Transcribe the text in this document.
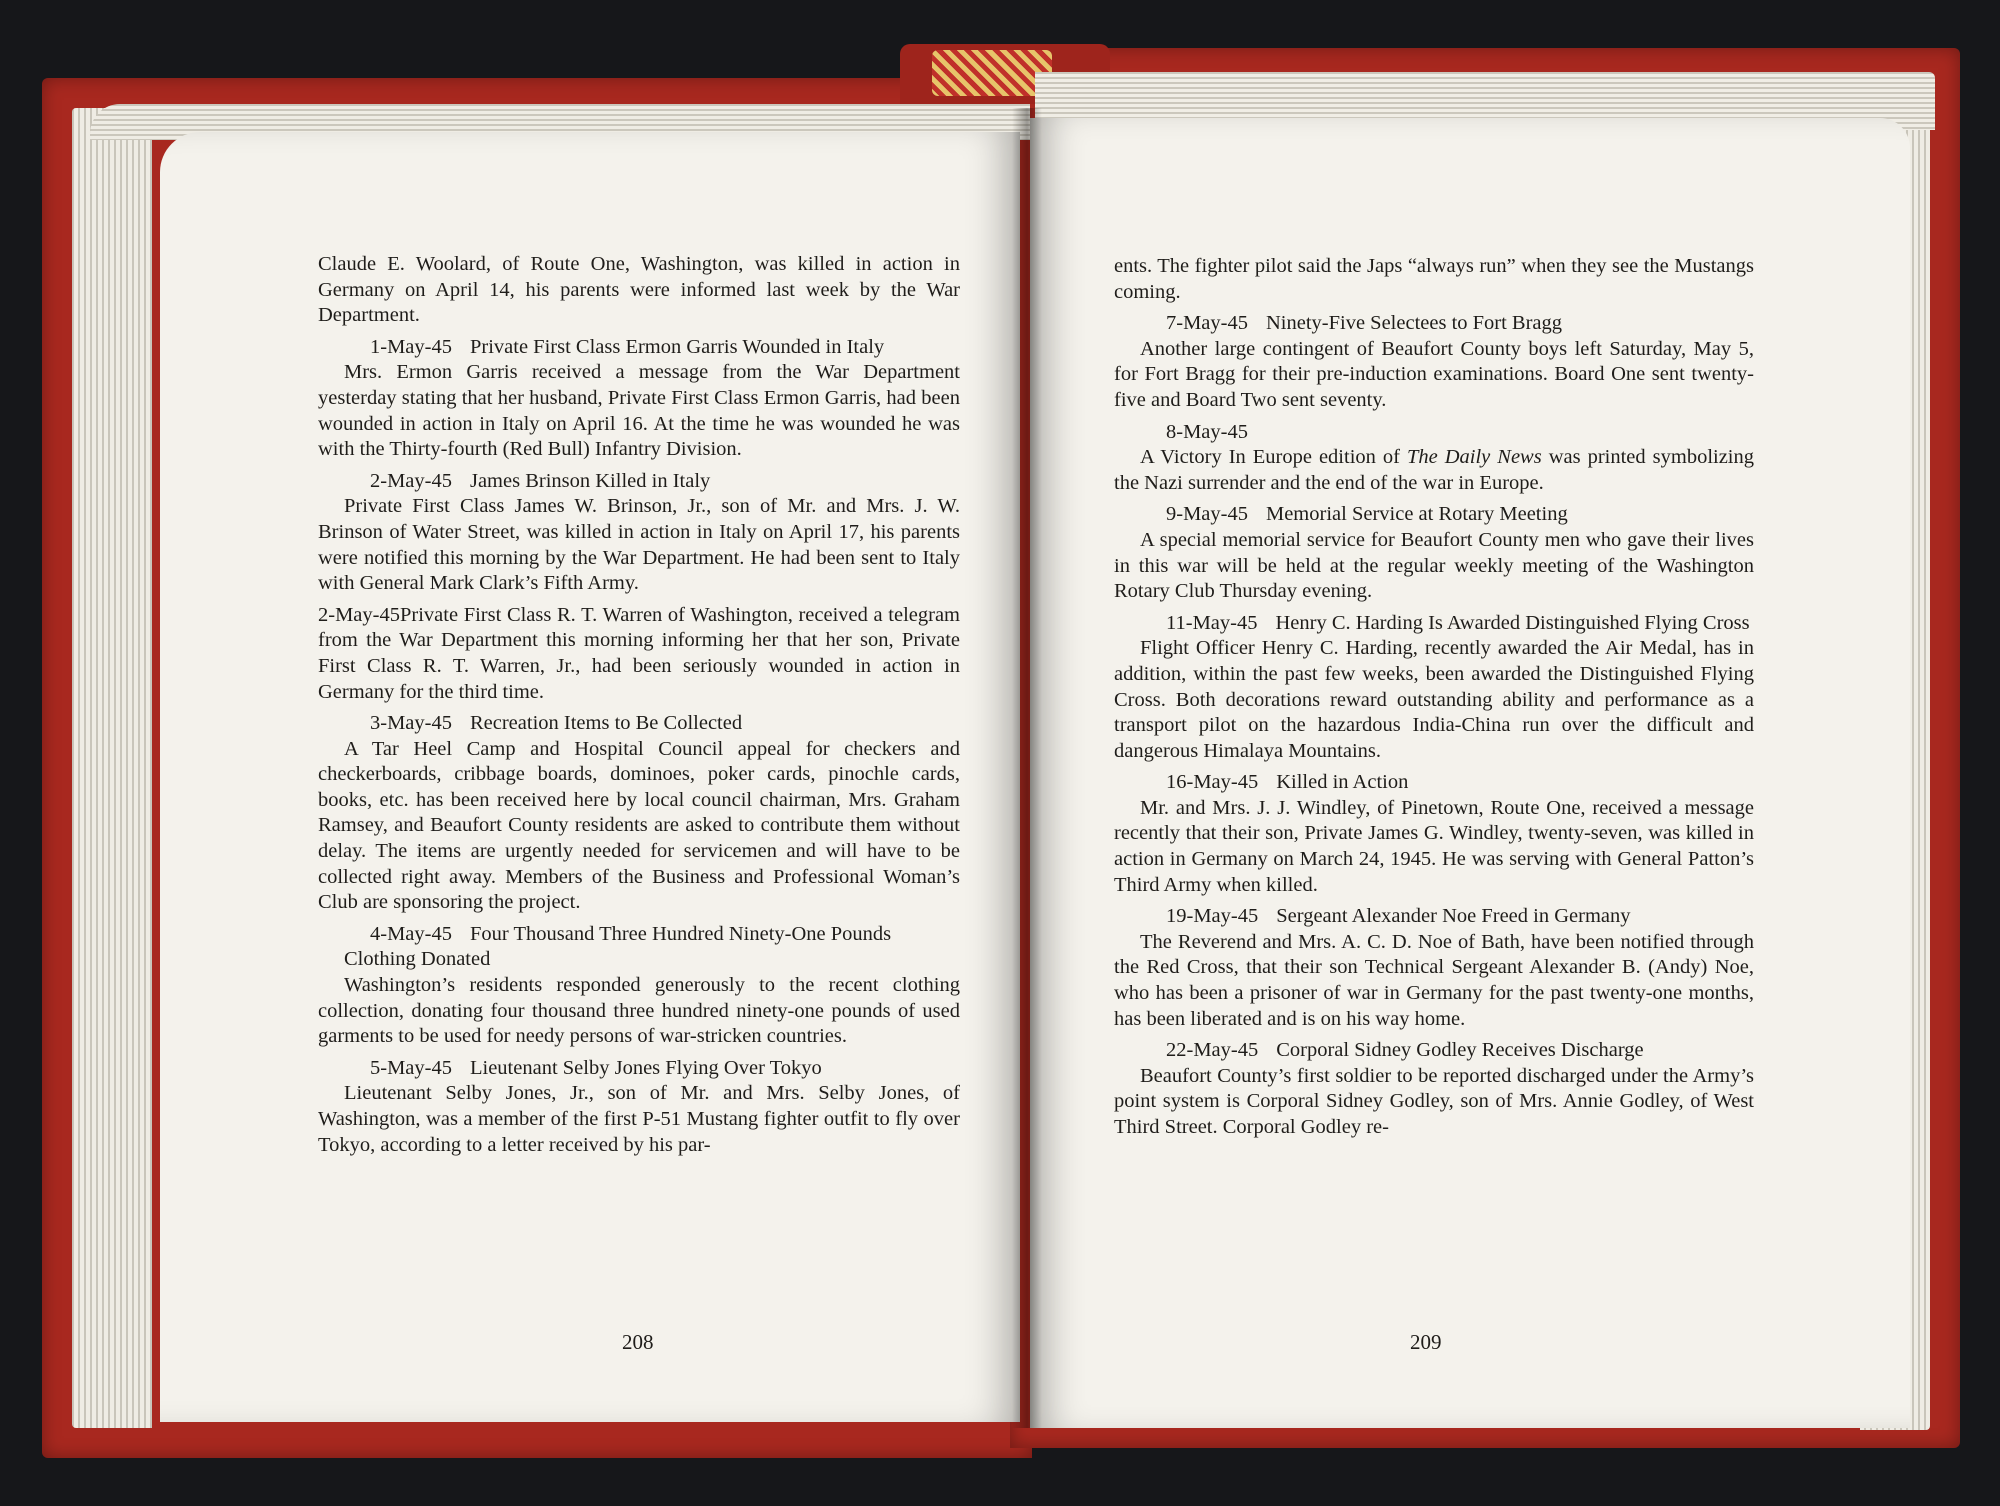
Claude E. Woolard, of Route One, Washington, was killed in action in Germany on April 14, his parents were informed last week by the War Department.

1-May-45 Private First Class Ermon Garris Wounded in Italy

Mrs. Ermon Garris received a message from the War Department yesterday stating that her husband, Private First Class Ermon Garris, had been wounded in action in Italy on April 16. At the time he was wounded he was with the Thirty-fourth (Red Bull) Infantry Division.

2-May-45 James Brinson Killed in Italy

Private First Class James W. Brinson, Jr., son of Mr. and Mrs. J. W. Brinson of Water Street, was killed in action in Italy on April 17, his parents were notified this morning by the War Department. He had been sent to Italy with General Mark Clark’s Fifth Army.

2-May-45Private First Class R. T. Warren of Washington, received a telegram from the War Department this morning informing her that her son, Private First Class R. T. Warren, Jr., had been seriously wounded in action in Germany for the third time.

3-May-45 Recreation Items to Be Collected

A Tar Heel Camp and Hospital Council appeal for checkers and checkerboards, cribbage boards, dominoes, poker cards, pinochle cards, books, etc. has been received here by local council chairman, Mrs. Graham Ramsey, and Beaufort County residents are asked to contribute them without delay. The items are urgently needed for servicemen and will have to be collected right away. Members of the Business and Professional Woman’s Club are sponsoring the project.

4-May-45 Four Thousand Three Hundred Ninety-One Pounds Clothing Donated

Washington’s residents responded generously to the recent clothing collection, donating four thousand three hundred ninety-one pounds of used garments to be used for needy persons of war-stricken countries.

5-May-45 Lieutenant Selby Jones Flying Over Tokyo

Lieutenant Selby Jones, Jr., son of Mr. and Mrs. Selby Jones, of Washington, was a member of the first P-51 Mustang fighter outfit to fly over Tokyo, according to a letter received by his par-

208

ents. The fighter pilot said the Japs “always run” when they see the Mustangs coming.

7-May-45 Ninety-Five Selectees to Fort Bragg

Another large contingent of Beaufort County boys left Saturday, May 5, for Fort Bragg for their pre-induction examinations. Board One sent twenty-five and Board Two sent seventy.

8-May-45

A Victory In Europe edition of The Daily News was printed symbolizing the Nazi surrender and the end of the war in Europe.

9-May-45 Memorial Service at Rotary Meeting

A special memorial service for Beaufort County men who gave their lives in this war will be held at the regular weekly meeting of the Washington Rotary Club Thursday evening.

11-May-45 Henry C. Harding Is Awarded Distinguished Flying Cross

Flight Officer Henry C. Harding, recently awarded the Air Medal, has in addition, within the past few weeks, been awarded the Distinguished Flying Cross. Both decorations reward outstanding ability and performance as a transport pilot on the hazardous India-China run over the difficult and dangerous Himalaya Mountains.

16-May-45 Killed in Action

Mr. and Mrs. J. J. Windley, of Pinetown, Route One, received a message recently that their son, Private James G. Windley, twenty-seven, was killed in action in Germany on March 24, 1945. He was serving with General Patton’s Third Army when killed.

19-May-45 Sergeant Alexander Noe Freed in Germany

The Reverend and Mrs. A. C. D. Noe of Bath, have been notified through the Red Cross, that their son Technical Sergeant Alexander B. (Andy) Noe, who has been a prisoner of war in Germany for the past twenty-one months, has been liberated and is on his way home.

22-May-45 Corporal Sidney Godley Receives Discharge

Beaufort County’s first soldier to be reported discharged under the Army’s point system is Corporal Sidney Godley, son of Mrs. Annie Godley, of West Third Street. Corporal Godley re-

209
